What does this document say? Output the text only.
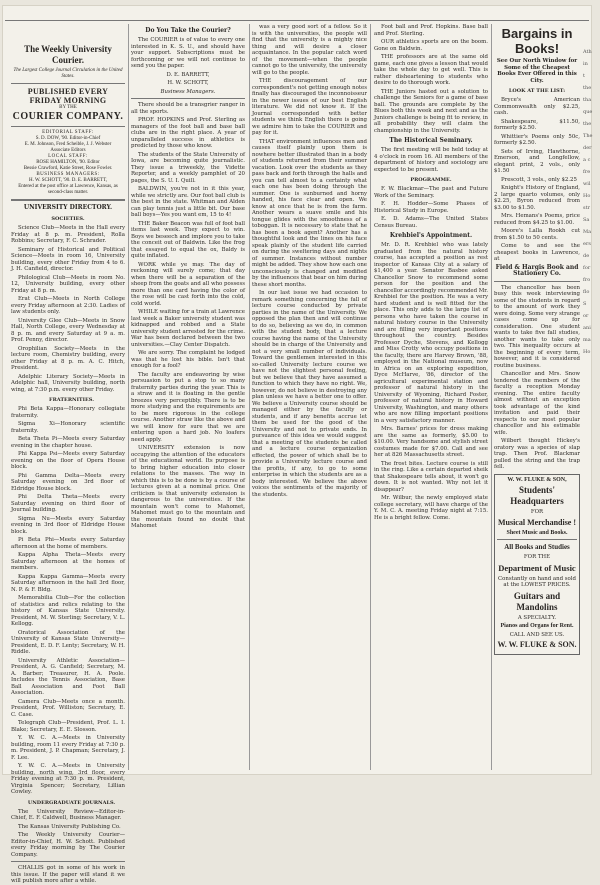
The Weekly University Courier.
The Largest College Journal Circulation in the United States.
PUBLISHED EVERY FRIDAY MORNING
BY THE
COURIER COMPANY.
EDITORIAL STAFF:
S. D. DOW, '90. Editor-in-Chief
E. M. Johnson, Fred Scheible, J. J. Webster
Associate Editors
LOCAL STAFF:
ROSE HAMILTON, '90. Editor
Bessie Crawford, Katie Street, Rose Fowler.
BUSINESS MANAGERS:
H. W. SCHOTT, '90. D. E. BARRETT,
Entered at the post office at Lawrence, Kansas, as second-class matter.
UNIVERSITY DIRECTORY.
SOCIETIES.

Science Club—Meets in the Hall every Friday at 8 p. m. President, Rolla Robbins; Secretary, F. C. Schrader.

Seminary of Historical and Political Science—Meets in room 16, University building, every other Friday from 4 to 6. J. H. Canfield, director.

Philological Club—Meets in room No. 12, University building, every other Friday at 8 p. m.

Erat Club—Meets in North College every Friday afternoon at 2:30. Ladies of law students only.

University Glee Club—Meets in Snow Hall, North College, every Wednesday at 8 p. m. and every Saturday at 9 a. m. Prof. Penny, director.

Orophilian Society—Meets in the lecture room, Chemistry building, every other Friday at 8 p. m. A. C. Hitch, President.

Adelphic Literary Society—Meets in Adelphic hall, University building, north wing, at 7:30 p.m. every other Friday.

FRATERNITIES.

Phi Beta Kappa—Honorary collegiate fraternity.

Sigma Xi—Honorary scientific fraternity.

Beta Theta Pi—Meets every Saturday evening in the chapter house.

Phi Kappa Psi—Meets every Saturday evening on the floor of Opera House block.

Phi Gamma Delta—Meets every Saturday evening on 3rd floor of Eldridge House block.

Phi Delta Theta—Meets every Saturday evening on third floor of Journal building.

Sigma Nu—Meets every Saturday evening in 3rd floor of Eldridge House block.

Pi Beta Phi—Meets every Saturday afternoon at the home of members.

Kappa Alpha Theta—Meets every Saturday afternoon at the homes of members.

Kappa Kappa Gamma—Meets every Saturday afternoon in the hall 3rd floor, N. P. & F. Bldg.

Memorabilia Club—For the collection of statistics and relics relating to the history of Kansas State University. President, M. W. Sterling; Secretary, V. L. Kellogg.

Oratorical Association of the University of Kansas State University—President, E. D. F. Lenty; Secretary, W. H. Riddle.

University Athletic Association—President, A. G. Canfield; Secretary, M. A. Barber; Treasurer, H. A. Poole. Includes the Tennis Association, Base Ball Association and Foot Ball Association.

Camera Club—Meets once a month. President, Prof. Williston; Secretary, E. C. Case.

Telegraph Club—President, Prof. L. I. Blake; Secretary, E. E. Slosson.

Y. W. C. A.—Meets in University building, room 11 every Friday at 7:30 p. m. President, J. P. Chapman; Secretary, J. F. Lee.

Y. W. C. A.—Meets in University building, north wing, 3rd floor, every Friday evening at 7:30 p. m. President, Virginia Spencer; Secretary, Lillian Cowley.

UNDERGRADUATE JOURNALS.

The University Review—Editor-in-Chief, E. F. Caldwell, Business Manager.

The Kansas University Publishing Co.

The Weekly University Courier—Editor-in-Chief, H. W. Schott. Published every Friday morning by The Courier Company.

CHALLIS got in some of his work in this issue. If the paper will stand it we will publish more after a while.

Do You Take the Courier?

The COURIER is of value to every one interested in K. S. U., and should have your support. Subscriptions must be forthcoming or we will not continue to send you the paper.

D. E. BARRETT,

H. W. SCHOTT,

Business Managers.

There should be a transgrier ranger in all the sports.

PROF. HOPKINS and Prof. Sterling as managers of the foot ball and base ball clubs are in the right place. A year of unparalleled success in athletics is predicted by those who know.

The students of the State University of Iowa, are becoming quite journalistic. They issue a triweekly, the Vidette Reporter, and a weekly pamphlet of 20 pages, the S. U. I. Quill.

BALDWIN, you're not in it this year, while we strictly are. Our foot ball club is the best in the state. Whitman and Alden can play tennis just a little bit. Our base ball boys—Yes you want em, 15 to 4!

THE Baker Beacon was full of foot ball items last week. They expect to win. Boys we beseech and implore you to take the conceit out of Baldwin. Like the frog that essayed to equal the ox, Baldy is quite inflated.

WORK while ye may. The day of reckoning will surely come; that day when there will be a separation of the sheep from the goats and all who possess more than one card having the color of the rose will be cast forth into the cold, cold world.

WHILE waiting for a train at Lawrence last week a Baker university student was kidnapped and robbed and a State university student arrested for the crime. War has been declared between the two universities.—Clay Center Dispatch.

We are sorry. The complaint he lodged was that he lost his bible. Isn't that enough for a fool?

The faculty are endeavoring by wise persuasion to put a stop to so many fraternity parties during the year. This is a straw and it is floating in the gentle breezes very perceptibly. There is to be more studying and the requirements are to be more rigorous in the college course. Another straw like the above and we will know for sure that we are entering upon a hard job. No loafers need apply.

UNIVERSITY extension is now occupying the attention of the educators of the educational world. Its purpose is to bring higher education into closer relations to the masses. The way in which this is to be done is by a course of lectures given at a nominal price. One criticism is that university extension is dangerous to the universities. If the mountain won't come to Mahomet, Mahomet must go to the mountain and the mountain found no doubt that Mahomet

was a very good sort of a fellow. So it is with the universities, the people will find that the university is a mighty nice thing and will desire a closer acquaintance. In the popular catch word of the movement—when the people cannot go to the university, the university will go to the people.

THE discouragement of our correspondent's not getting enough notes finally has discouraged the inconnoisseur in the newer issues of our best English literature. We did not know it. If the Journal corresponded with better students we think English there is going we admire him to take the COURIER and pay for it.

THAT environment influences men and causes itself plainly upon them is nowhere better illustrated than in a body of students returned from their summer vacation. Look over the students as they pass back and forth through the halls and you can tell almost to a certainty what each one has been doing through the summer. One is sunburned and horny handed, his face clear and open. We know at once that he is from the farm. Another wears a suave smile and his tongue glides with the smoothness of a toboggan. It is necessary to state that he has been a book agent? Another has a thoughtful look and the lines on his face speak plainly of the student life carried on during the sweltering days and nights of summer. Instances without number might be added. They show how each one unconsciously is changed and modified by the influences that bear on him during these short months.

In our last issue we had occasion to remark something concerning the fall of lecture course conducted by private parties in the name of the University. We opposed the plan then and will continue to do so, believing as we do, in common with the student body, that a lecture course having the name of the University should be in charge of the University and not a very small number of individuals. Toward the gentlemen interested in this so-called University lecture course we have not the slightest personal feeling, but we believe that they have assumed a function to which they have no right. We, however, do not believe in destroying any plan unless we have a better one to offer. We believe a University course should be managed either by the faculty or students, and if any benefits accrue let them be used for the good of the University and not to private ends. In pursuance of this idea we would suggest that a meeting of the students be called and a lecture course organization effected, the power of which shall be to provide a University lecture course and the profits, if any, to go to some enterprise in which the students are as a body interested. We believe the above voices the sentiments of the majority of the students.

Foot ball and Prof. Hopkins. Base ball and Prof. Sterling.

OUR athletics sports are on the boom. Gone on Baldwin.

THE professors are at the same old game, each one gives a lesson that would take the whole day to get well. This is rather disheartening to students who desire to do thorough work.

THE Juniors hasted out a solution to challenge the Seniors for a game of base ball. The grounds are complete by the Blues both this week and next and as the Juniors challenge is being fit to review, in all probability they will claim the championship in the University.

The Historical Seminary.

The first meeting will be held today at 4 o'clock in room 16. All members of the department of history and sociology are expected to be present.

PROGRAMME.

F. W. Blackmar—The past and Future Work of the Seminary.

F. H. Hodder—Some Phases of Historical Study in Europe.

E. D. Adams—The United States Census Bureau.

Krehbiel's Appointment.

Mr. D. R. Krehbiel who was lately graduated from the natural history course, has accepted a position as rest inspector of Kansas City at a salary of $1,400 a year. Senator Basbee asked Chancellor Snow to recommend some person for the position and the chancellor accordingly recommended Mr. Krehbiel for the position. He was a very hard student and is well fitted for the place. This only adds to the large list of persons who have taken the course in natural history course in the University and are filling very important positions throughout the country. Besides Professor Dyche, Stevens, and Kellogg and Miss Crotty who occupy positions in the faculty, there are Harvey Brown, '88, employed in the National museum, now in Africa on an exploring expedition, Dyce McHarve, '86, director of the agricultural experimental station and professor of natural history in the University of Wyoming, Richard Foster, professor of natural history in Howard University, Washington, and many others who are now filling important positions in a very satisfactory manner.

Mrs. Barnes' prices for dress making are the same as formerly, $5.00 to $10.00. Very handsome and stylish street costumes made for $7.00. Call and see her at 826 Massachusetts street.

The frost bites. Lecture course is still in the ring. Like a certain departed sheik that Shakespeare tells about, it won't go down. It is not wanted. Why not let it disappear?

Mr. Wilbur, the newly employed state college secretary, will have charge of the Y. M. C. A. meeting Friday night at 7:15. He is a bright fellow. Come.

Bargains in Books!

See Our North Window for Some of the Cheapest Books Ever Offered in this City.

LOOK AT THE LIST:

Bryce's American Commonwealth only $2.25, cash.

Shakespeare, $11.50, formerly $2.50.

Whittier's Poems only 50c, formerly $2.50.

Sets of Irving, Hawthorne, Emerson, and Longfellow, elegant print, 2 vols., only $1.50

Prescott, 3 vols., only $2.25

Knight's History of England, 2 large quarto volumes, only $2.25, Byron reduced from $3.00 to $1.50.

Mrs. Hemans's Poems, price reduced from $4.25 to $1.00.

Moore's Lalla Rookh cut from $1.50 to 50 cents.

Come to and see the cheapest books in Lawrence, at

Field & Hargis Book and Stationery Co.

The chancellor has been busy this week interviewing some of the students in regard to the amount of work they were doing. Some very strange cases come up for consideration. One student wants to take five fall studies, another wants to take only two. This inequality occurs at the beginning of every term, however, and it is considered routine business.

Chancellor and Mrs. Snow tendered the members of the faculty a reception Monday evening. The entire faculty almost without an exception took advantage of the kind invitation and paid their respects to our most popular chancellor and his estimable wife.

Wilbert thought Hickey's oratory was a species of slap trap. Then Prof. Blackmar pulled the string and the trap fell.

W. W. FLUKE & SON,

Students' Headquarters

FOR

Musical Merchandise !

Sheet Music and Books.

All Books and Studies

FOR THE

Department of Music

Constantly on hand and sold at the LOWEST PRICES.

Guitars and Mandolins

A SPECIALTY.

Pianos and Organs for Rent.

CALL AND SEE US.

W. W. FLUKE & SON.

Ath
in t
the
tha
que
the
The
der
a c
fre
wil
Ho
str
Sa
Ma
ers
de
for
fro
flo
S
or
ani
ma
Ho
